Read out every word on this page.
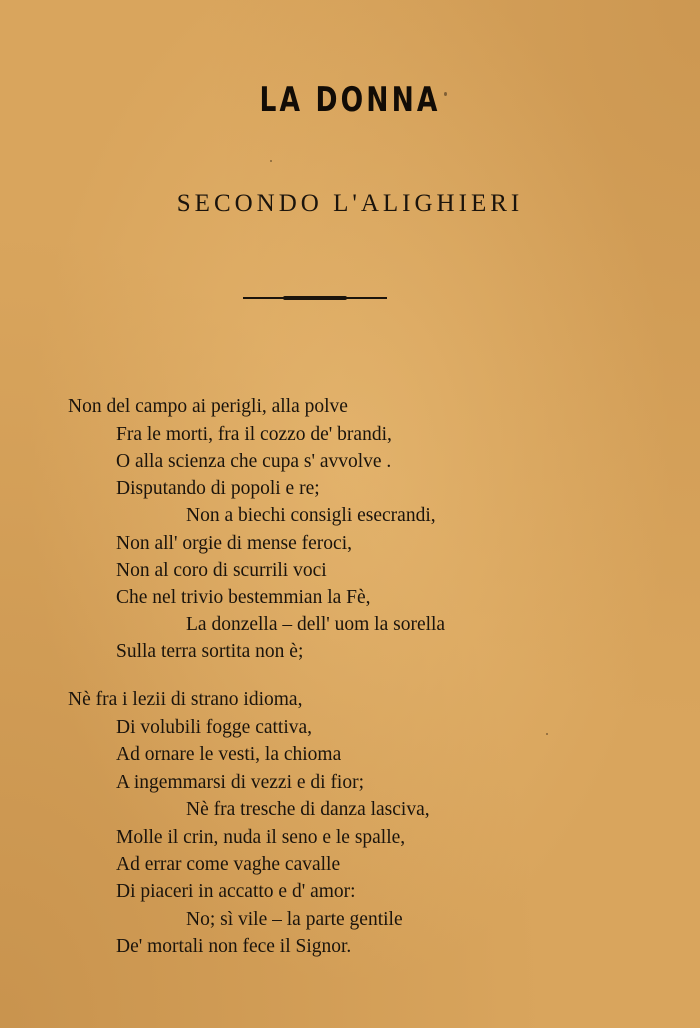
LA DONNA
SECONDO L'ALIGHIERI
Non del campo ai perigli, alla polve
Fra le morti, fra il cozzo de' brandi,
O alla scienza che cupa s' avvolve .
Disputando di popoli e re;
Non a biechi consigli esecrandi,
Non all' orgie di mense feroci,
Non al coro di scurrili voci
Che nel trivio bestemmian la Fè,
La donzella – dell' uom la sorella
Sulla terra sortita non è;
Nè fra i lezii di strano idioma,
Di volubili fogge cattiva,
Ad ornare le vesti, la chioma
A ingemmarsi di vezzi e di fior;
Nè fra tresche di danza lasciva,
Molle il crin, nuda il seno e le spalle,
Ad errar come vaghe cavalle
Di piaceri in accatto e d' amor:
No; sì vile – la parte gentile
De' mortali non fece il Signor.
